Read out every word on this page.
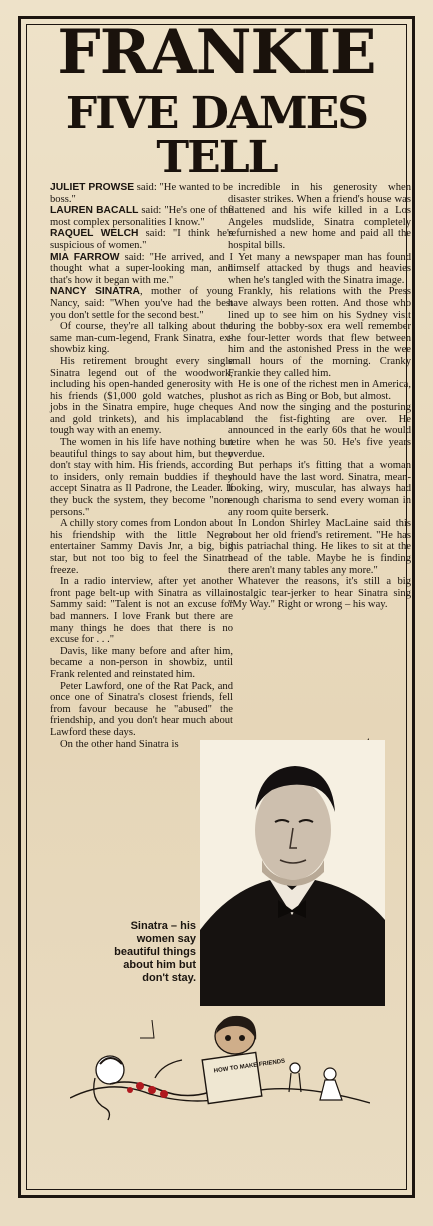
FRANKIE
FIVE DAMES TELL

JULIET PROWSE said: "He wanted to be boss."

LAUREN BACALL said: "He's one of the most complex personalities I know."

RAQUEL WELCH said: "I think he's suspicious of women."

MIA FARROW said: "He arrived, and I thought what a super-looking man, and that's how it began with me."

NANCY SINATRA, mother of young Nancy, said: "When you've had the best you don't settle for the second best."

Of course, they're all talking about the same man-cum-legend, Frank Sinatra, ex-showbiz king.

His retirement brought every single Sinatra legend out of the woodwork, including his open-handed generosity with his friends ($1,000 gold watches, plush jobs in the Sinatra empire, huge cheques and gold trinkets), and his implacable tough way with an enemy.

The women in his life have nothing but beautiful things to say about him, but they don't stay with him. His friends, according to insiders, only remain buddies if they accept Sinatra as Il Padrone, the Leader. If they buck the system, they become "non-persons."

A chilly story comes from London about his friendship with the little Negro entertainer Sammy Davis Jnr, a big, big star, but not too big to feel the Sinatra freeze.

In a radio interview, after yet another front page belt-up with Sinatra as villain Sammy said: "Talent is not an excuse for bad manners. I love Frank but there are many things he does that there is no excuse for . . ."

Davis, like many before and after him, became a non-person in showbiz, until Frank relented and reinstated him.

Peter Lawford, one of the Rat Pack, and once one of Sinatra's closest friends, fell from favour because he "abused" the friendship, and you don't hear much about Lawford these days.

On the other hand Sinatra is

incredible in his generosity when disaster strikes. When a friend's house was flattened and his wife killed in a Los Angeles mudslide, Sinatra completely refurnished a new home and paid all the hospital bills.

Yet many a newspaper man has found himself attacked by thugs and heavies when he's tangled with the Sinatra image.

Frankly, his relations with the Press have always been rotten. And those who lined up to see him on his Sydney visit during the bobby-sox era well remember the four-letter words that flew between him and the astonished Press in the wee small hours of the morning. Cranky Frankie they called him.

He is one of the richest men in America, not as rich as Bing or Bob, but almost.

And now the singing and the posturing and the fist-fighting are over. He announced in the early 60s that he would retire when he was 50. He's five years overdue.

But perhaps it's fitting that a woman should have the last word. Sinatra, mean-looking, wiry, muscular, has always had enough charisma to send every woman in any room quite berserk.

In London Shirley MacLaine said this about her old friend's retirement. "He has this patriachal thing. He likes to sit at the head of the table. Maybe he is finding there aren't many tables any more."

Whatever the reasons, it's still a big nostalgic tear-jerker to hear Sinatra sing "My Way." Right or wrong – his way.

Sinatra – his women say beautiful things about him but don't stay.
HOW TO MAKE FRIENDS
